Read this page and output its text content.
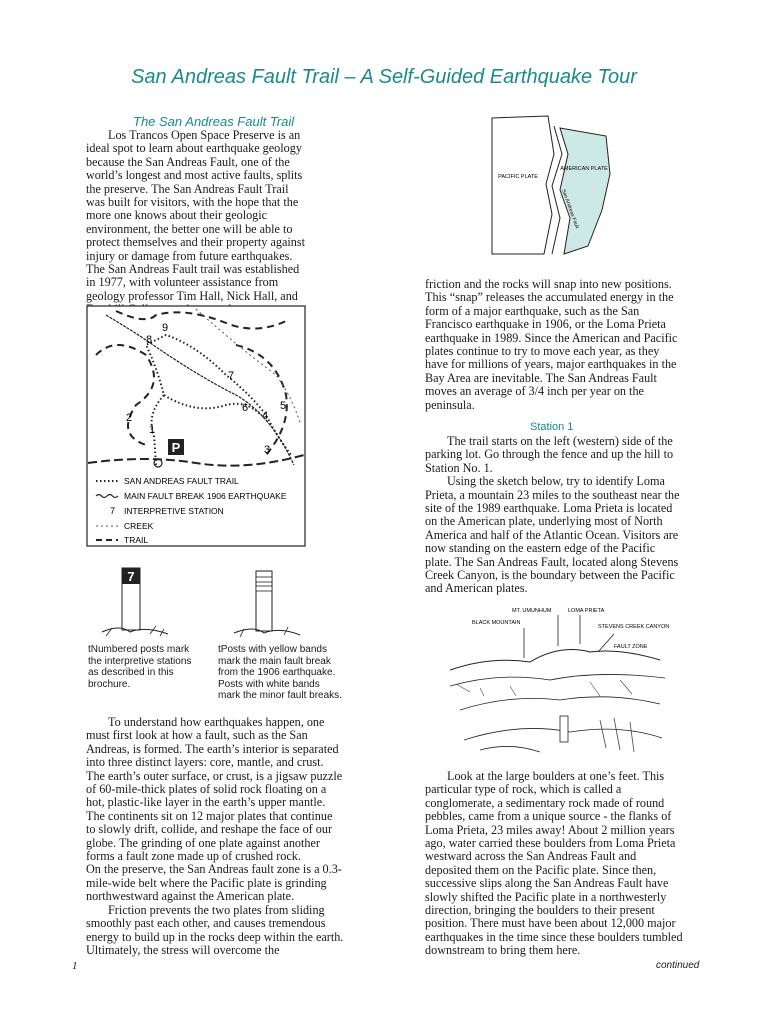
San Andreas Fault Trail – A Self-Guided Earthquake Tour
The San Andreas Fault Trail

Los Trancos Open Space Preserve is an ideal spot to learn about earthquake geology because the San Andreas Fault, one of the world’s longest and most active faults, splits the preserve. The San Andreas Fault Trail was built for visitors, with the hope that the more one knows about their geologic environment, the better one will be able to protect themselves and their property against injury or damage from future earthquakes. The San Andreas Fault trail was established in 1977, with volunteer assistance from geology professor Tim Hall, Nick Hall, and

PACIFIC PLATE
AMERICAN PLATE
San Andreas Fault
1
2
3
4
5
6
7
8
9
P
SAN ANDREAS FAULT TRAIL
MAIN FAULT BREAK 1906 EARTHQUAKE
7 INTERPRETIVE STATION
CREEK
TRAIL
7
tNumbered posts mark the interpretive stations as described in this brochure.
tPosts with yellow bands mark the main fault break from the 1906 earthquake. Posts with white bands mark the minor fault breaks.

To understand how earthquakes happen, one must first look at how a fault, such as the San Andreas, is formed. The earth’s interior is separated into three distinct layers: core, mantle, and crust. The earth’s outer surface, or crust, is a jigsaw puzzle of 60-mile-thick plates of solid rock floating on a hot, plastic-like layer in the earth’s upper mantle. The continents sit on 12 major plates that continue to slowly drift, collide, and reshape the face of our globe. The grinding of one plate against another forms a fault zone made up of crushed rock.

On the preserve, the San Andreas fault zone is a 0.3-mile-wide belt where the Pacific plate is grinding northwestward against the American plate.

Friction prevents the two plates from sliding smoothly past each other, and causes tremendous energy to build up in the rocks deep within the earth. Ultimately, the stress will overcome the

friction and the rocks will snap into new positions. This “snap” releases the accumulated energy in the form of a major earthquake, such as the San Francisco earthquake in 1906, or the Loma Prieta earthquake in 1989. Since the American and Pacific plates continue to try to move each year, as they have for millions of years, major earthquakes in the Bay Area are inevitable. The San Andreas Fault moves an average of 3/4 inch per year on the peninsula.

Station 1

The trail starts on the left (western) side of the parking lot. Go through the fence and up the hill to Station No. 1.

Using the sketch below, try to identify Loma Prieta, a mountain 23 miles to the southeast near the site of the 1989 earthquake. Loma Prieta is located on the American plate, underlying most of North America and half of the Atlantic Ocean. Visitors are now standing on the eastern edge of the Pacific plate. The San Andreas Fault, located along Stevens Creek Canyon, is the boundary between the Pacific and American plates.

MT. UMUNHUM	LOMA PRIETA
BLACK MOUNTAIN
STEVENS CREEK CANYON
FAULT ZONE

Look at the large boulders at one’s feet. This particular type of rock, which is called a conglomerate, a sedimentary rock made of round pebbles, came from a unique source - the flanks of Loma Prieta, 23 miles away! About 2 million years ago, water carried these boulders from Loma Prieta westward across the San Andreas Fault and deposited them on the Pacific plate. Since then, successive slips along the San Andreas Fault have slowly shifted the Pacific plate in a northwesterly direction, bringing the boulders to their present position. There must have been about 12,000 major earthquakes in the time since these boulders tumbled downstream to bring them here.

1	continued
